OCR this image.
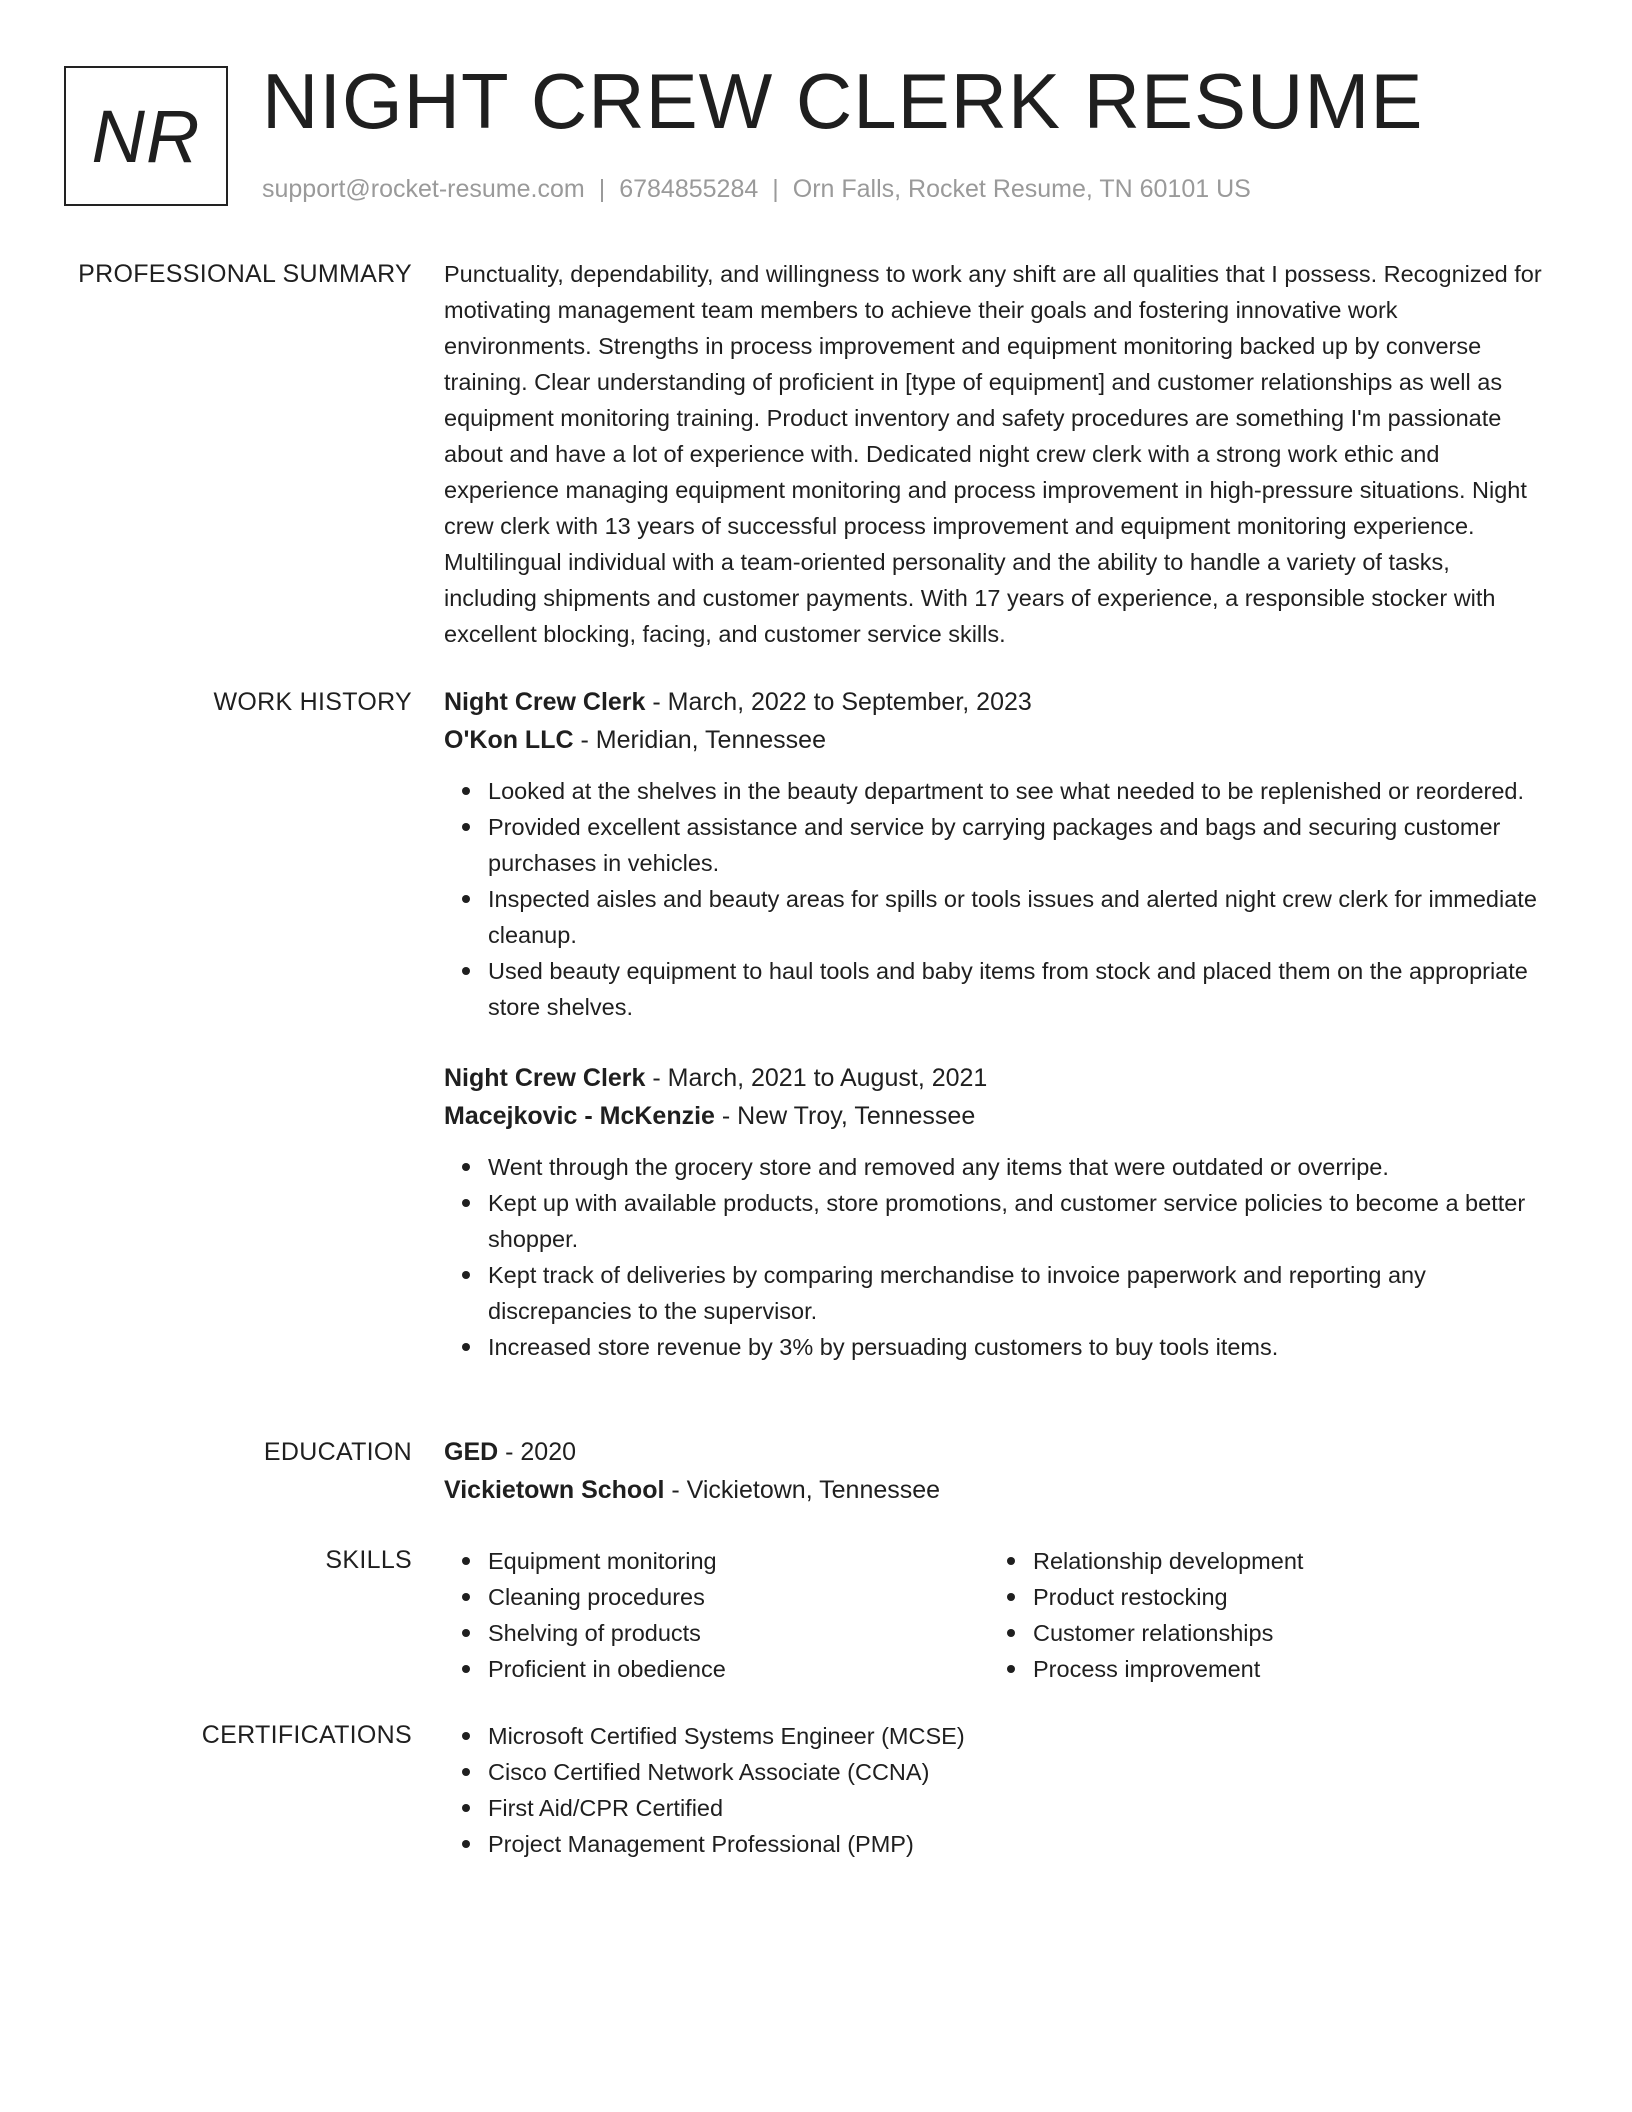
NR NIGHT CREW CLERK RESUME
support@rocket-resume.com | 6784855284 | Orn Falls, Rocket Resume, TN 60101 US
PROFESSIONAL SUMMARY Punctuality, dependability, and willingness to work any shift are all qualities that I possess. Recognized for motivating management team members to achieve their goals and fostering innovative work environments. Strengths in process improvement and equipment monitoring backed up by converse training. Clear understanding of proficient in [type of equipment] and customer relationships as well as equipment monitoring training. Product inventory and safety procedures are something I'm passionate about and have a lot of experience with. Dedicated night crew clerk with a strong work ethic and experience managing equipment monitoring and process improvement in high-pressure situations. Night crew clerk with 13 years of successful process improvement and equipment monitoring experience. Multilingual individual with a team-oriented personality and the ability to handle a variety of tasks, including shipments and customer payments. With 17 years of experience, a responsible stocker with excellent blocking, facing, and customer service skills.

WORK HISTORY Night Crew Clerk - March, 2022 to September, 2023
O'Kon LLC - Meridian, Tennessee
Looked at the shelves in the beauty department to see what needed to be replenished or reordered.
Provided excellent assistance and service by carrying packages and bags and securing customer purchases in vehicles.
Inspected aisles and beauty areas for spills or tools issues and alerted night crew clerk for immediate cleanup.
Used beauty equipment to haul tools and baby items from stock and placed them on the appropriate store shelves.
Night Crew Clerk - March, 2021 to August, 2021
Macejkovic - McKenzie - New Troy, Tennessee
Went through the grocery store and removed any items that were outdated or overripe.
Kept up with available products, store promotions, and customer service policies to become a better shopper.
Kept track of deliveries by comparing merchandise to invoice paperwork and reporting any discrepancies to the supervisor.
Increased store revenue by 3% by persuading customers to buy tools items.
EDUCATION GED - 2020
Vickietown School - Vickietown, Tennessee
SKILLS	Equipment monitoring
Cleaning procedures
Shelving of products
Proficient in obedience
Relationship development
Product restocking
Customer relationships
Process improvement
CERTIFICATIONS	Microsoft Certified Systems Engineer (MCSE)
Cisco Certified Network Associate (CCNA)
First Aid/CPR Certified
Project Management Professional (PMP)
